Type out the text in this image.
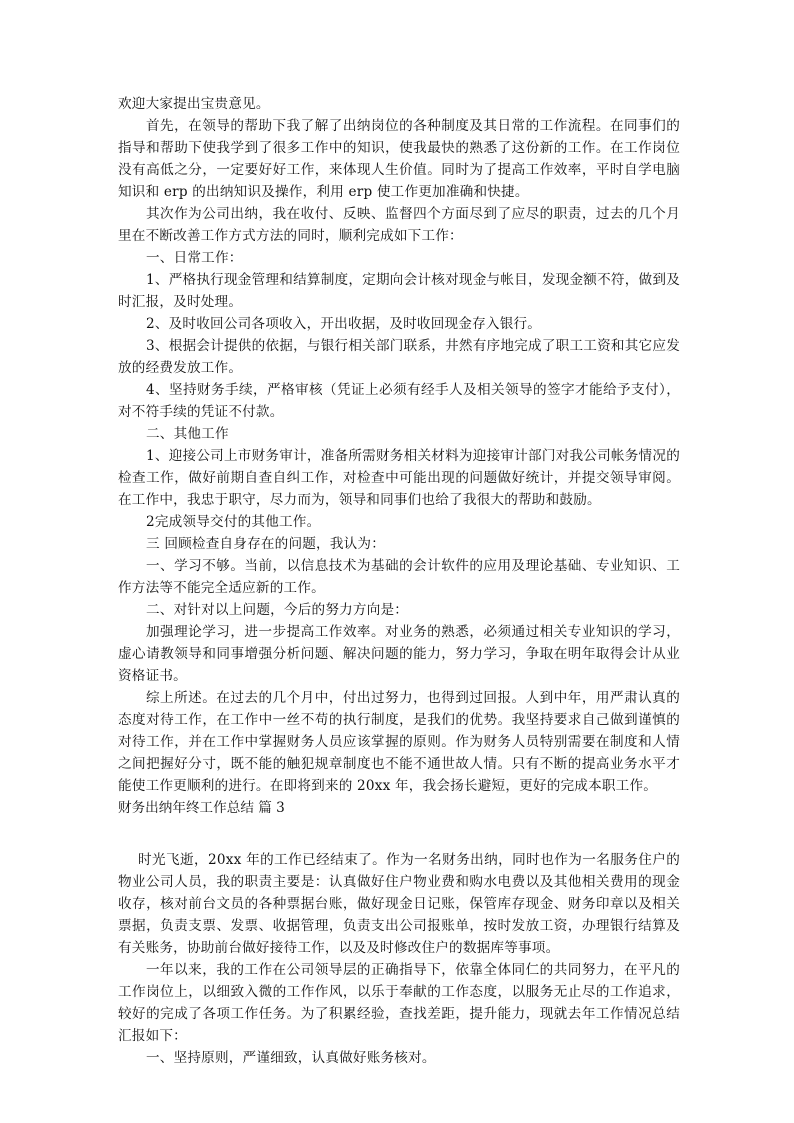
欢迎大家提出宝贵意见。

首先，在领导的帮助下我了解了出纳岗位的各种制度及其日常的工作流程。在同事们的指导和帮助下使我学到了很多工作中的知识，使我最快的熟悉了这份新的工作。在工作岗位没有高低之分，一定要好好工作，来体现人生价值。同时为了提高工作效率，平时自学电脑知识和 erp 的出纳知识及操作，利用 erp 使工作更加准确和快捷。

其次作为公司出纳，我在收付、反映、监督四个方面尽到了应尽的职责，过去的几个月里在不断改善工作方式方法的同时，顺利完成如下工作：

一、日常工作：

1、严格执行现金管理和结算制度，定期向会计核对现金与帐目，发现金额不符，做到及时汇报，及时处理。

2、及时收回公司各项收入，开出收据，及时收回现金存入银行。

3、根据会计提供的依据，与银行相关部门联系，井然有序地完成了职工工资和其它应发放的经费发放工作。

4、坚持财务手续，严格审核（凭证上必须有经手人及相关领导的签字才能给予支付），对不符手续的凭证不付款。

二、其他工作

1、迎接公司上市财务审计，准备所需财务相关材料为迎接审计部门对我公司帐务情况的检查工作，做好前期自查自纠工作，对检查中可能出现的问题做好统计，并提交领导审阅。在工作中，我忠于职守，尽力而为，领导和同事们也给了我很大的帮助和鼓励。

2完成领导交付的其他工作。

三 回顾检查自身存在的问题，我认为：

一、学习不够。当前，以信息技术为基础的会计软件的应用及理论基础、专业知识、工作方法等不能完全适应新的工作。

二、对针对以上问题，今后的努力方向是：

加强理论学习，进一步提高工作效率。对业务的熟悉，必须通过相关专业知识的学习，虚心请教领导和同事增强分析问题、解决问题的能力，努力学习，争取在明年取得会计从业资格证书。

综上所述。在过去的几个月中，付出过努力，也得到过回报。人到中年，用严肃认真的态度对待工作，在工作中一丝不苟的执行制度，是我们的优势。我坚持要求自己做到谨慎的对待工作，并在工作中掌握财务人员应该掌握的原则。作为财务人员特别需要在制度和人情之间把握好分寸，既不能的触犯规章制度也不能不通世故人情。只有不断的提高业务水平才能使工作更顺利的进行。在即将到来的 20xx 年，我会扬长避短，更好的完成本职工作。

财务出纳年终工作总结 篇 3

时光飞逝，20xx 年的工作已经结束了。作为一名财务出纳，同时也作为一名服务住户的物业公司人员，我的职责主要是：认真做好住户物业费和购水电费以及其他相关费用的现金收存，核对前台文员的各种票据台账，做好现金日记账，保管库存现金、财务印章以及相关票据，负责支票、发票、收据管理，负责支出公司报账单，按时发放工资，办理银行结算及有关账务，协助前台做好接待工作，以及及时修改住户的数据库等事项。

一年以来，我的工作在公司领导层的正确指导下，依靠全体同仁的共同努力，在平凡的工作岗位上，以细致入微的工作作风，以乐于奉献的工作态度，以服务无止尽的工作追求，较好的完成了各项工作任务。为了积累经验，查找差距，提升能力，现就去年工作情况总结汇报如下：

一、坚持原则，严谨细致，认真做好账务核对。
